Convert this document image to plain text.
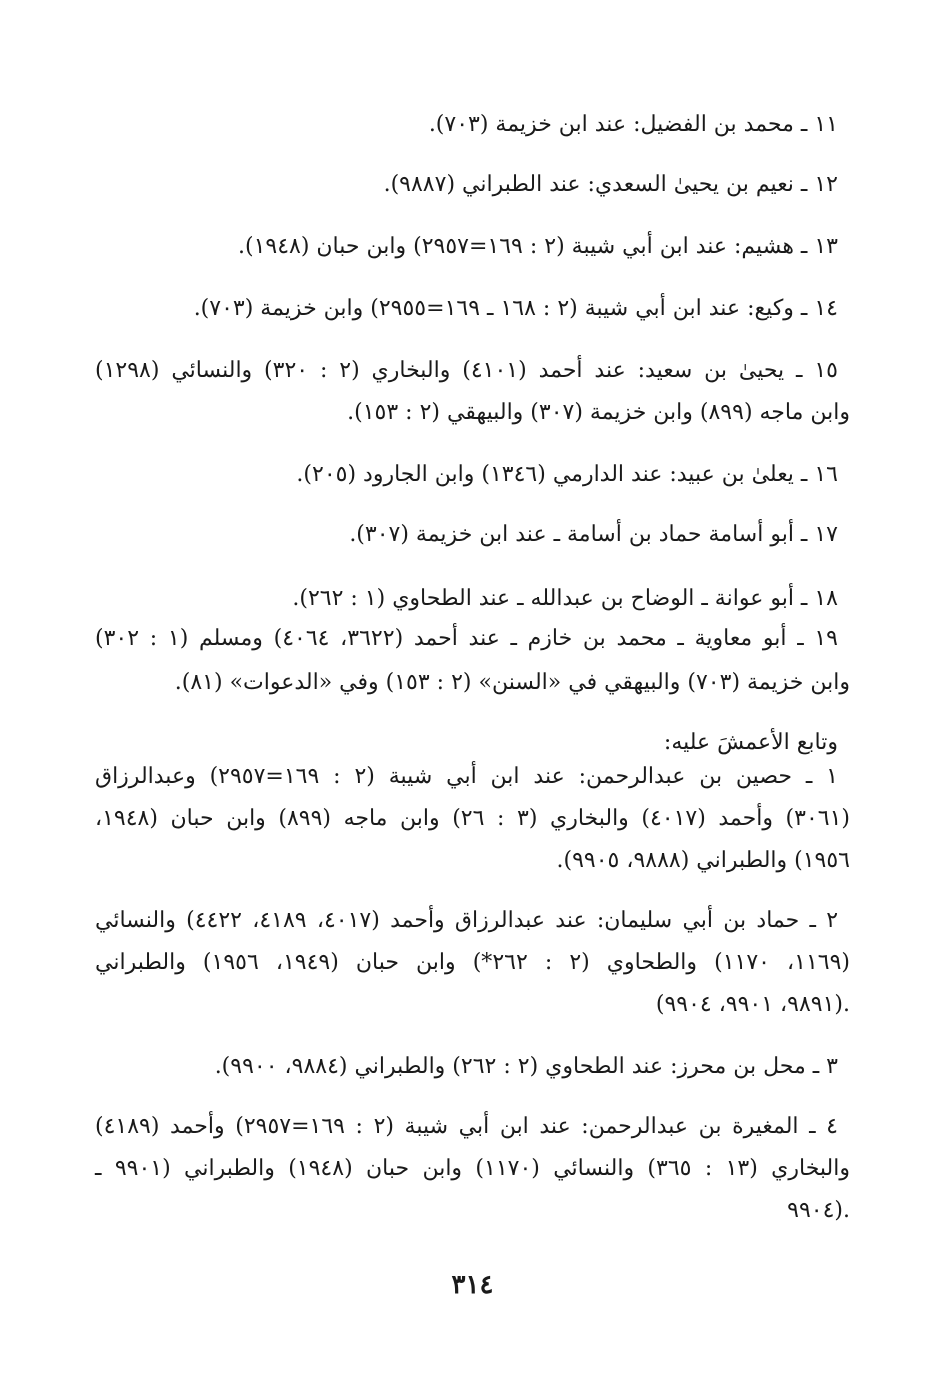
١١ ـ محمد بن الفضيل: عند ابن خزيمة (٧٠٣).
١٢ ـ نعيم بن يحيىٰ السعدي: عند الطبراني (٩٨٨٧).
١٣ ـ هشيم: عند ابن أبي شيبة (٢ : ١٦٩=٢٩٥٧) وابن حبان (١٩٤٨).
١٤ ـ وكيع: عند ابن أبي شيبة (٢ : ١٦٨ ـ ١٦٩=٢٩٥٥) وابن خزيمة (٧٠٣).
١٥ ـ يحيىٰ بن سعيد: عند أحمد (٤١٠١) والبخاري (٢ : ٣٢٠) والنسائي (١٢٩٨)
وابن ماجه (٨٩٩) وابن خزيمة (٣٠٧) والبيهقي (٢ : ١٥٣).
١٦ ـ يعلىٰ بن عبيد: عند الدارمي (١٣٤٦) وابن الجارود (٢٠٥).
١٧ ـ أبو أسامة حماد بن أسامة ـ عند ابن خزيمة (٣٠٧).
١٨ ـ أبو عوانة ـ الوضاح بن عبدالله ـ عند الطحاوي (١ : ٢٦٢).
١٩ ـ أبو معاوية ـ محمد بن خازم ـ عند أحمد (٣٦٢٢، ٤٠٦٤) ومسلم (١ : ٣٠٢)
وابن خزيمة (٧٠٣) والبيهقي في «السنن» (٢ : ١٥٣) وفي «الدعوات» (٨١).
وتابع الأعمشَ عليه:
١ ـ حصين بن عبدالرحمن: عند ابن أبي شيبة (٢ : ١٦٩=٢٩٥٧) وعبدالرزاق
(٣٠٦١) وأحمد (٤٠١٧) والبخاري (٣ : ٢٦) وابن ماجه (٨٩٩) وابن حبان (١٩٤٨،
١٩٥٦) والطبراني (٩٨٨٨، ٩٩٠٥).
٢ ـ حماد بن أبي سليمان: عند عبدالرزاق وأحمد (٤٠١٧، ٤١٨٩، ٤٤٢٢) والنسائي
(١١٦٩، ١١٧٠) والطحاوي (٢ : ٢٦٢*) وابن حبان (١٩٤٩، ١٩٥٦) والطبراني
(٩٨٩١، ٩٩٠١، ٩٩٠٤).
٣ ـ محل بن محرز: عند الطحاوي (٢ : ٢٦٢) والطبراني (٩٨٨٤، ٩٩٠٠).
٤ ـ المغيرة بن عبدالرحمن: عند ابن أبي شيبة (٢ : ١٦٩=٢٩٥٧) وأحمد (٤١٨٩)
والبخاري (١٣ : ٣٦٥) والنسائي (١١٧٠) وابن حبان (١٩٤٨) والطبراني (٩٩٠١ ـ
٩٩٠٤).
٣١٤
